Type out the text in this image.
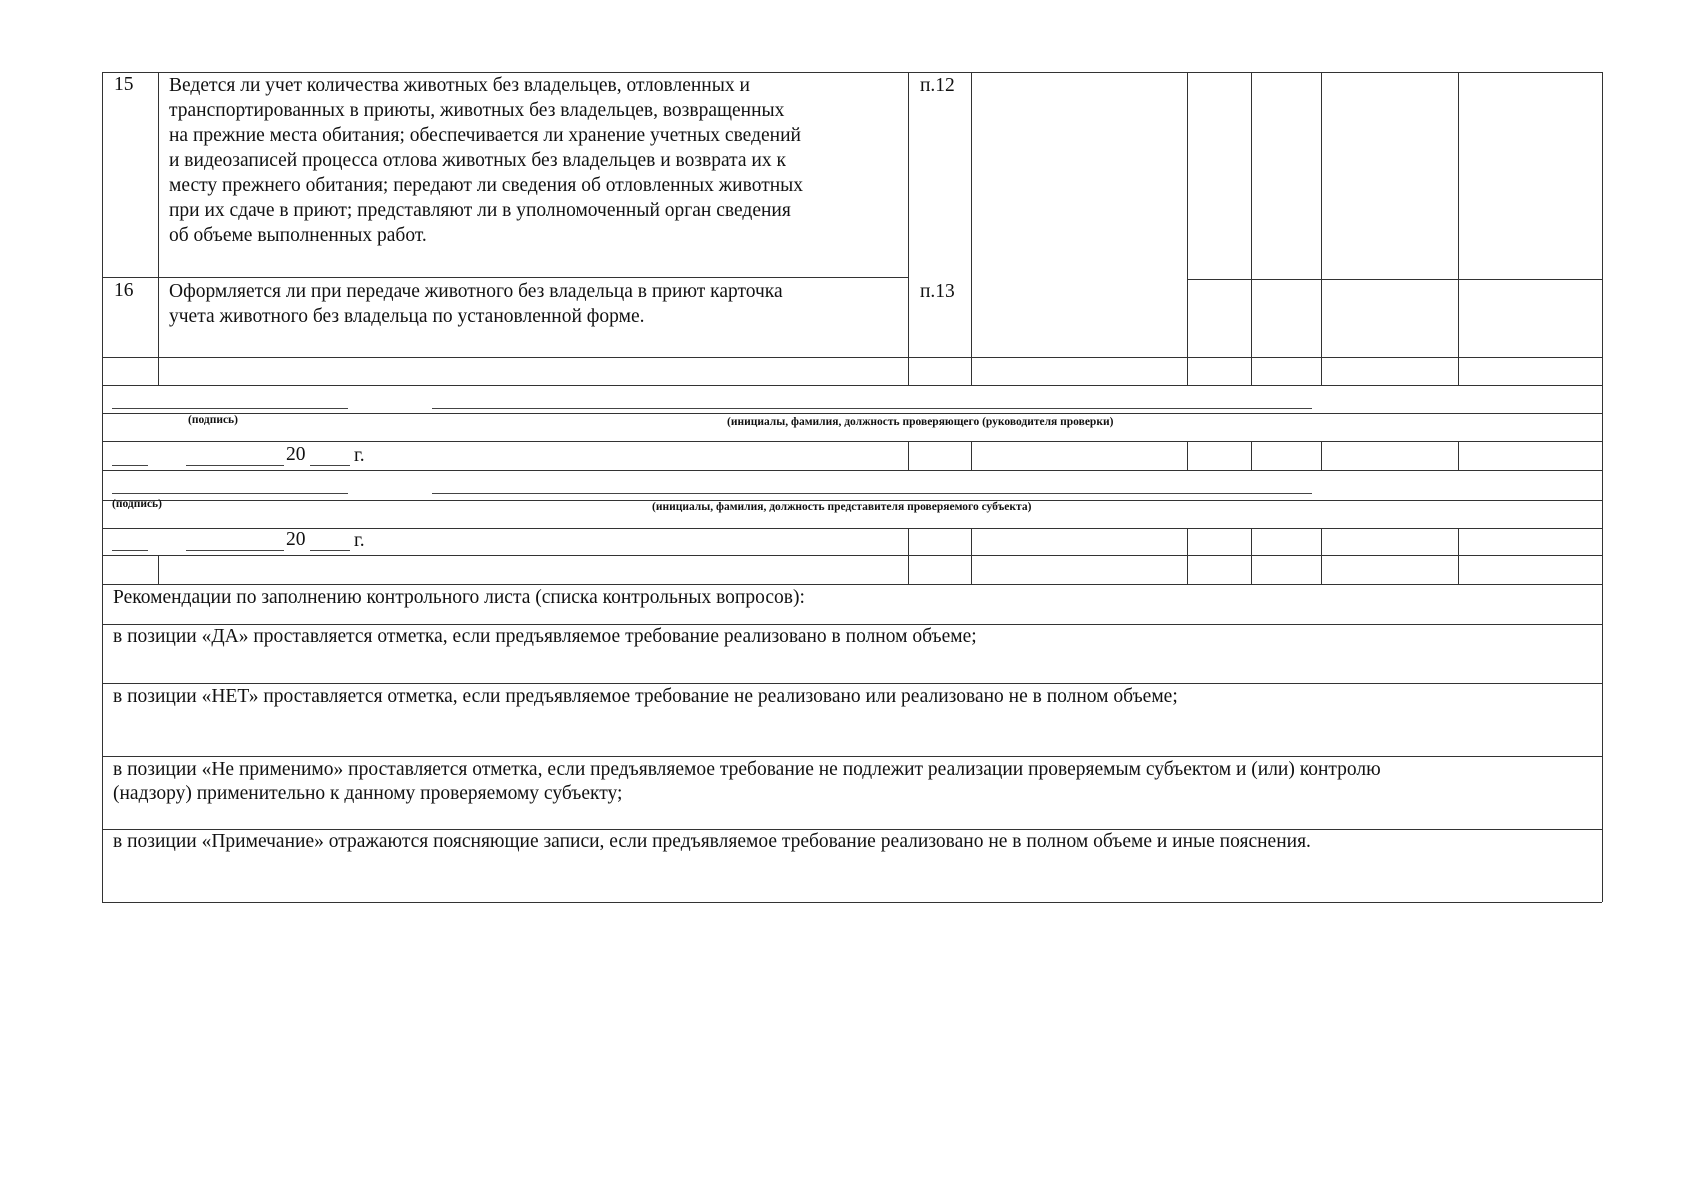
15 Ведется ли учет количества животных без владельцев, отловленных и
транспортированных в приюты, животных без владельцев, возвращенных
на прежние места обитания; обеспечивается ли хранение учетных сведений
и видеозаписей процесса отлова животных без владельцев и возврата их к
месту прежнего обитания; передают ли сведения об отловленных животных
при их сдаче в приют; представляют ли в уполномоченный орган сведения
об объеме выполненных работ.
п.12
16 Оформляется ли при передаче животного без владельца в приют карточка
учета животного без владельца по установленной форме.
п.13
(подпись)	(инициалы, фамилия, должность проверяющего (руководителя проверки)
20 г.
(подпись)	(инициалы, фамилия, должность представителя проверяемого субъекта)
20 г.
Рекомендации по заполнению контрольного листа (списка контрольных вопросов):
в позиции «ДА» проставляется отметка, если предъявляемое требование реализовано в полном объеме;
в позиции «НЕТ» проставляется отметка, если предъявляемое требование не реализовано или реализовано не в полном объеме;
в позиции «Не применимо» проставляется отметка, если предъявляемое требование не подлежит реализации проверяемым субъектом и (или) контролю
(надзору) применительно к данному проверяемому субъекту;
в позиции «Примечание» отражаются поясняющие записи, если предъявляемое требование реализовано не в полном объеме и иные пояснения.
